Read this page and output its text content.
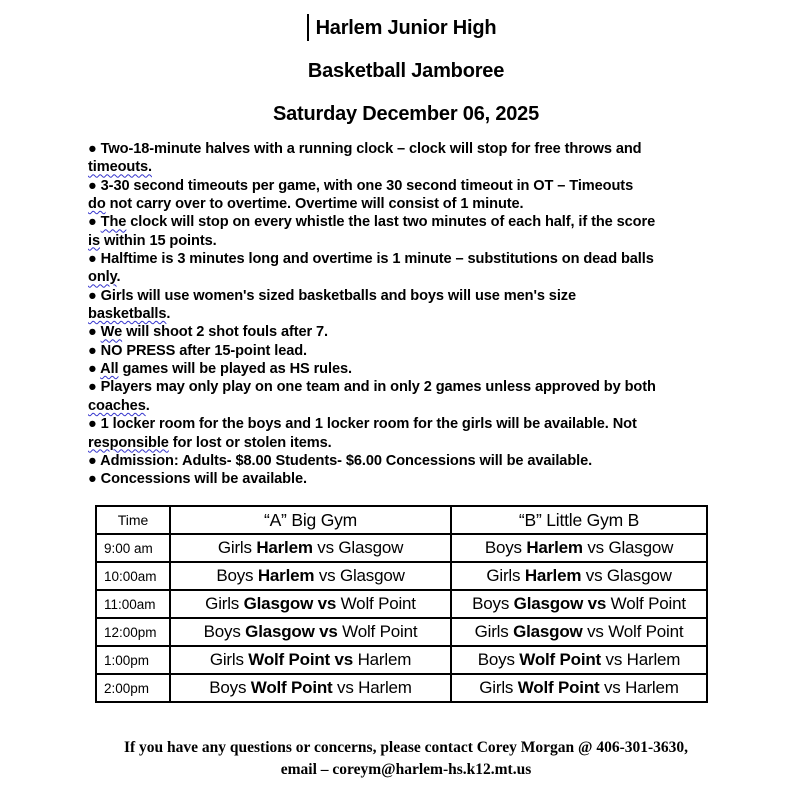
Harlem Junior High
Basketball Jamboree
Saturday December 06, 2025
● Two-18-minute halves with a running clock – clock will stop for free throws and
timeouts.
● 3-30 second timeouts per game, with one 30 second timeout in OT – Timeouts
do not carry over to overtime. Overtime will consist of 1 minute.
● The clock will stop on every whistle the last two minutes of each half, if the score
is within 15 points.
● Halftime is 3 minutes long and overtime is 1 minute – substitutions on dead balls
only.
● Girls will use women's sized basketballs and boys will use men's size
basketballs.
● We will shoot 2 shot fouls after 7.
● NO PRESS after 15-point lead.
● All games will be played as HS rules.
● Players may only play on one team and in only 2 games unless approved by both
coaches.
● 1 locker room for the boys and 1 locker room for the girls will be available. Not
responsible for lost or stolen items.
● Admission: Adults- $8.00 Students- $6.00 Concessions will be available.
● Concessions will be available.
Time	“A” Big Gym	“B” Little Gym B
9:00 am	Girls Harlem vs Glasgow	Boys Harlem vs Glasgow
10:00am	Boys Harlem vs Glasgow	Girls Harlem vs Glasgow
11:00am	Girls Glasgow vs Wolf Point	Boys Glasgow vs Wolf Point
12:00pm	Boys Glasgow vs Wolf Point	Girls Glasgow vs Wolf Point
1:00pm	Girls Wolf Point vs Harlem	Boys Wolf Point vs Harlem
2:00pm	Boys Wolf Point vs Harlem	Girls Wolf Point vs Harlem
If you have any questions or concerns, please contact Corey Morgan @ 406-301-3630,
email – coreym@harlem-hs.k12.mt.us
